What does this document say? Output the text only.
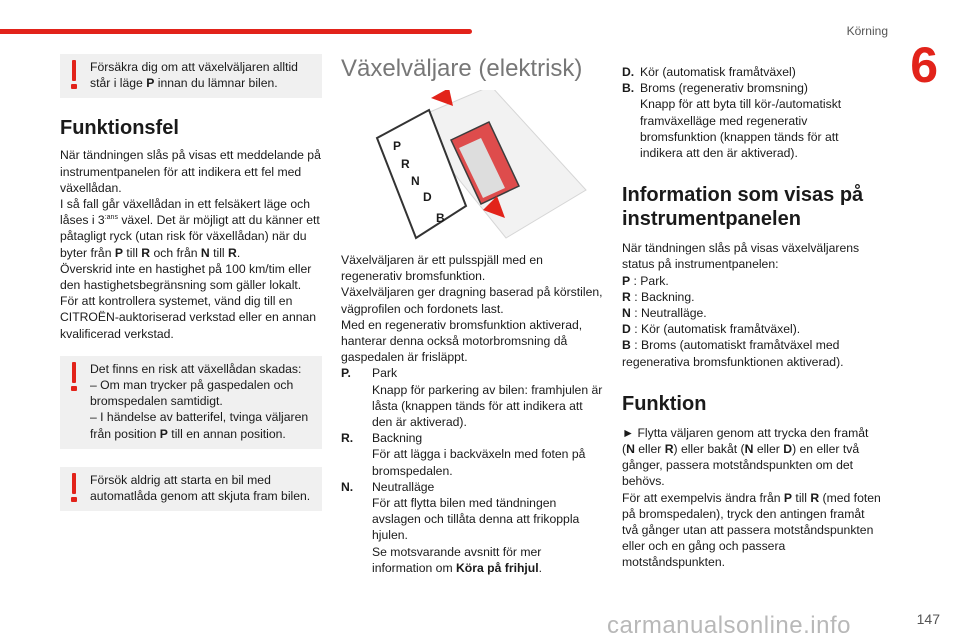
Körning
6

Försäkra dig om att växelväljaren alltid står i läge P innan du lämnar bilen.

Funktionsfel

När tändningen slås på visas ett meddelande på instrumentpanelen för att indikera ett fel med växellådan.

I så fall går växellådan in ett felsäkert läge och låses i $3^{:ans}$ växel. Det är möjligt att du känner ett påtagligt ryck (utan risk för växellådan) när du byter från P till R och från N till R.

Överskrid inte en hastighet på 100 km/tim eller den hastighetsbegränsning som gäller lokalt.

För att kontrollera systemet, vänd dig till en CITROËN-auktoriserad verkstad eller en annan kvalificerad verkstad.

Det finns en risk att växellådan skadas:
– Om man trycker på gaspedalen och bromspedalen samtidigt.
– I händelse av batterifel, tvinga väljaren från position P till en annan position.

Försök aldrig att starta en bil med automatlåda genom att skjuta fram bilen.

Växelväljare (elektrisk)
P
R
N
D
B

Växelväljaren är ett pulsspjäll med en regenerativ bromsfunktion.

Växelväljaren ger dragning baserad på körstilen, vägprofilen och fordonets last.

Med en regenerativ bromsfunktion aktiverad, hanterar denna också motorbromsning då gaspedalen är frisläppt.

P.	Park
Knapp för parkering av bilen: framhjulen är låsta (knappen tänds för att indikera att den är aktiverad).
R.	Backning
För att lägga i backväxeln med foten på bromspedalen.
N.	Neutralläge
För att flytta bilen med tändningen avslagen och tillåta denna att frikoppla hjulen.
Se motsvarande avsnitt för mer information om Köra på frihjul.
D. Kör (automatisk framåtväxel)
B. Broms (regenerativ bromsning)
Knapp för att byta till kör-/automatiskt framväxelläge med regenerativ bromsfunktion (knappen tänds för att indikera att den är aktiverad).
Information som visas på instrumentpanelen

När tändningen slås på visas växelväljarens status på instrumentpanelen:

P : Park.
R : Backning.
N : Neutralläge.
D : Kör (automatisk framåtväxel).
B : Broms (automatiskt framåtväxel med regenerativa bromsfunktionen aktiverad).
Funktion

► Flytta väljaren genom att trycka den framåt (N eller R) eller bakåt (N eller D) en eller två gånger, passera motståndspunkten om det behövs.

För att exempelvis ändra från P till R (med foten på bromspedalen), tryck den antingen framåt två gånger utan att passera motståndspunkten eller och en gång och passera motståndspunkten.

carmanualsonline.info	147
